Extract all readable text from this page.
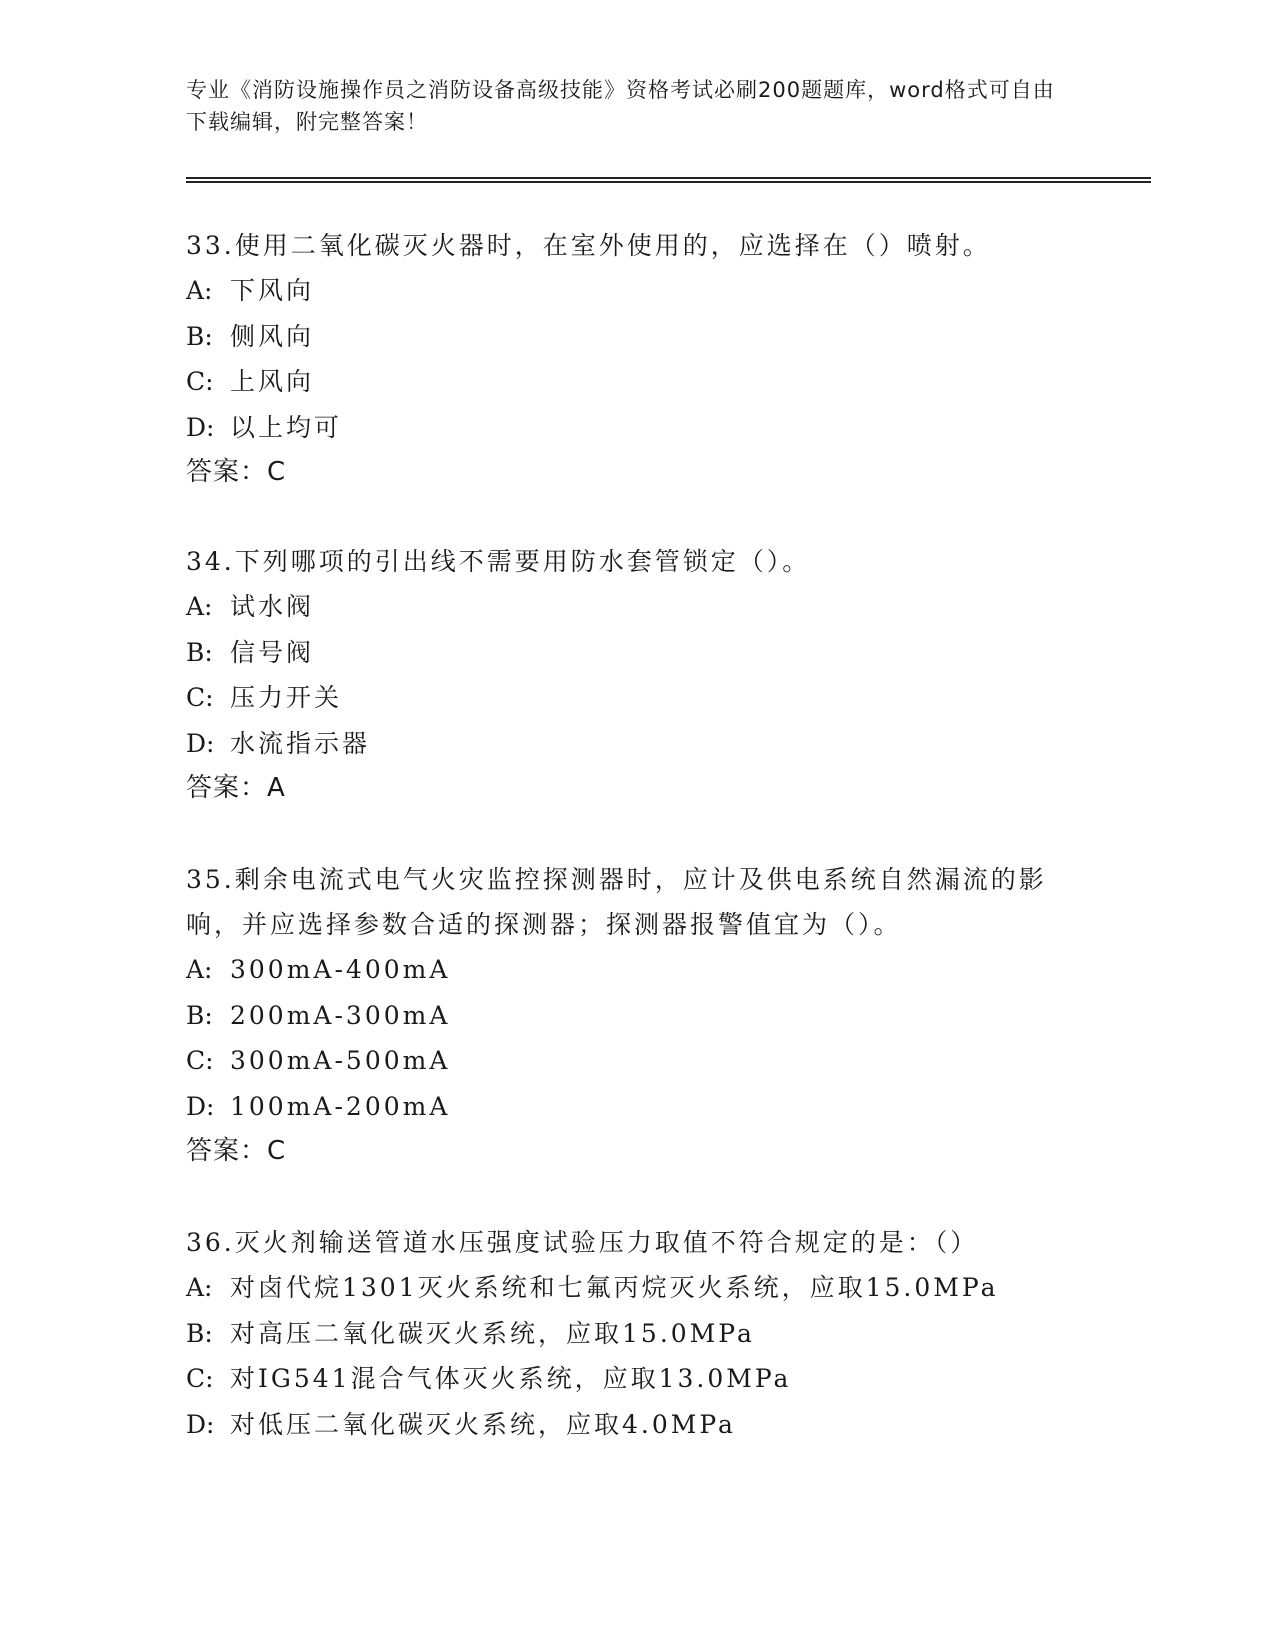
专业《消防设施操作员之消防设备高级技能》资格考试必刷200题题库，word格式可自由下载编辑，附完整答案！

33.使用二氧化碳灭火器时，在室外使用的，应选择在（）喷射。

A: 下风向

B: 侧风向

C: 上风向

D: 以上均可

答案：C

34.下列哪项的引出线不需要用防水套管锁定（）。

A: 试水阀

B: 信号阀

C: 压力开关

D: 水流指示器

答案：A

35.剩余电流式电气火灾监控探测器时，应计及供电系统自然漏流的影响，并应选择参数合适的探测器；探测器报警值宜为（）。

A: 300mA-400mA

B: 200mA-300mA

C: 300mA-500mA

D: 100mA-200mA

答案：C

36.灭火剂输送管道水压强度试验压力取值不符合规定的是：（）

A: 对卤代烷1301灭火系统和七氟丙烷灭火系统，应取15.0MPa

B: 对高压二氧化碳灭火系统，应取15.0MPa

C: 对IG541混合气体灭火系统，应取13.0MPa

D: 对低压二氧化碳灭火系统，应取4.0MPa
